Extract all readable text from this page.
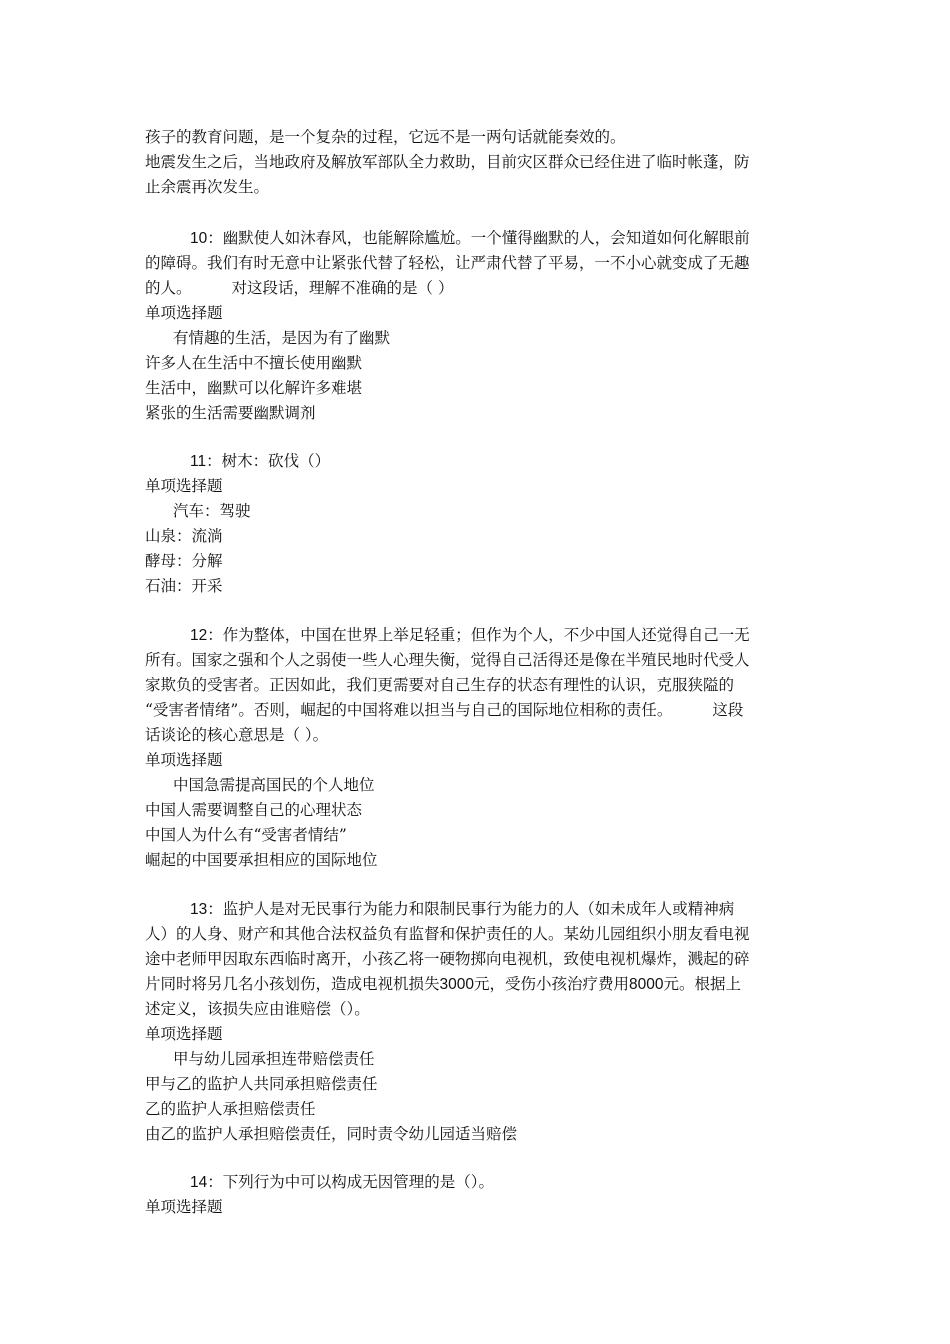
孩子的教育问题，是一个复杂的过程，它远不是一两句话就能奏效的。
地震发生之后，当地政府及解放军部队全力救助，目前灾区群众已经住进了临时帐蓬，防
止余震再次发生。
10：幽默使人如沐春风，也能解除尴尬。一个懂得幽默的人，会知道如何化解眼前
的障碍。我们有时无意中让紧张代替了轻松，让严肃代替了平易，一不小心就变成了无趣
的人。	对这段话，理解不准确的是（ ）
单项选择题
有情趣的生活，是因为有了幽默
许多人在生活中不擅长使用幽默
生活中，幽默可以化解许多难堪
紧张的生活需要幽默调剂
11：树木：砍伐（）
单项选择题
汽车：驾驶
山泉：流淌
酵母：分解
石油：开采
12：作为整体，中国在世界上举足轻重；但作为个人，不少中国人还觉得自己一无
所有。国家之强和个人之弱使一些人心理失衡，觉得自己活得还是像在半殖民地时代受人
家欺负的受害者。正因如此，我们更需要对自己生存的状态有理性的认识，克服狭隘的
“受害者情绪”。否则，崛起的中国将难以担当与自己的国际地位相称的责任。	这段
话谈论的核心意思是（ ）。
单项选择题
中国急需提高国民的个人地位
中国人需要调整自己的心理状态
中国人为什么有“受害者情结”
崛起的中国要承担相应的国际地位
13：监护人是对无民事行为能力和限制民事行为能力的人（如未成年人或精神病
人）的人身、财产和其他合法权益负有监督和保护责任的人。某幼儿园组织小朋友看电视
途中老师甲因取东西临时离开，小孩乙将一硬物掷向电视机，致使电视机爆炸，溅起的碎
片同时将另几名小孩划伤，造成电视机损失3000元，受伤小孩治疗费用8000元。根据上
述定义，该损失应由谁赔偿（）。
单项选择题
甲与幼儿园承担连带赔偿责任
甲与乙的监护人共同承担赔偿责任
乙的监护人承担赔偿责任
由乙的监护人承担赔偿责任，同时责令幼儿园适当赔偿
14：下列行为中可以构成无因管理的是（）。
单项选择题
